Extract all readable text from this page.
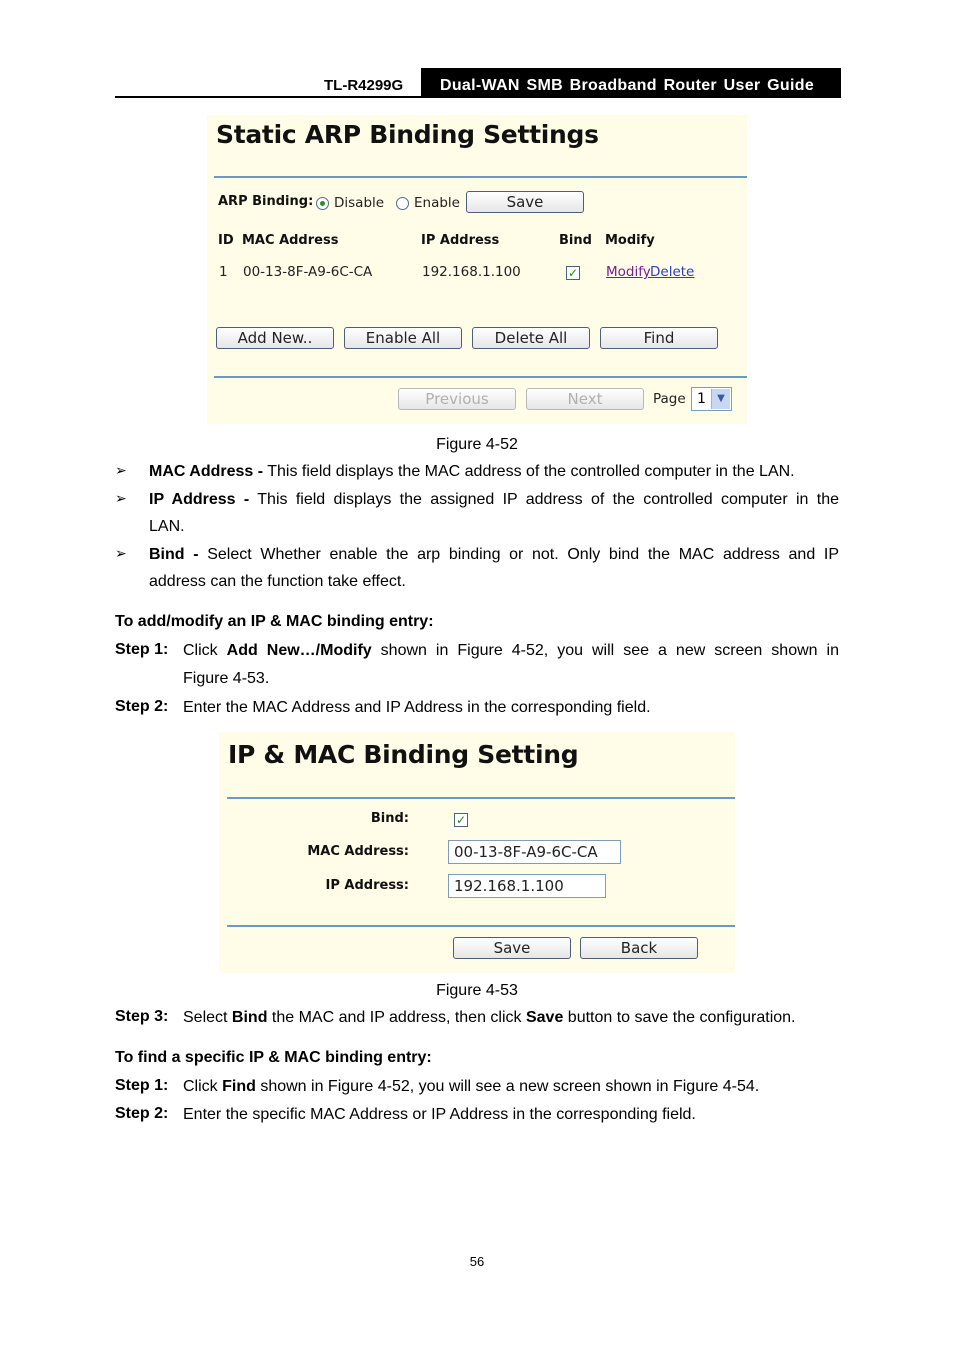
TL-R4299G	Dual-WAN SMB Broadband Router User Guide
Static ARP Binding Settings
ARP Binding: Disable Enable	Save
ID MAC Address	IP Address	Bind Modify
1 00-13-8F-A9-6C-CA	192.168.1.100	✓ Modify Delete
Add New..	Enable All	Delete All	Find
Previous	Next	Page 1	▼
Figure 4-52
➢ MAC Address - This field displays the MAC address of the controlled computer in the LAN.
➢ IP Address - This field displays the assigned IP address of the controlled computer in the
LAN.
➢ Bind - Select Whether enable the arp binding or not. Only bind the MAC address and IP
address can the function take effect.
To add/modify an IP & MAC binding entry:
Step 1: Click Add New…/Modify shown in Figure 4-52, you will see a new screen shown in
Figure 4-53.
Step 2: Enter the MAC Address and IP Address in the corresponding field.
IP & MAC Binding Setting
Bind:	✓
MAC Address:	00-13-8F-A9-6C-CA
IP Address:	192.168.1.100
Save	Back
Figure 4-53
Step 3: Select Bind the MAC and IP address, then click Save button to save the configuration.
To find a specific IP & MAC binding entry:
Step 1: Click Find shown in Figure 4-52, you will see a new screen shown in Figure 4-54.
Step 2: Enter the specific MAC Address or IP Address in the corresponding field.
56
